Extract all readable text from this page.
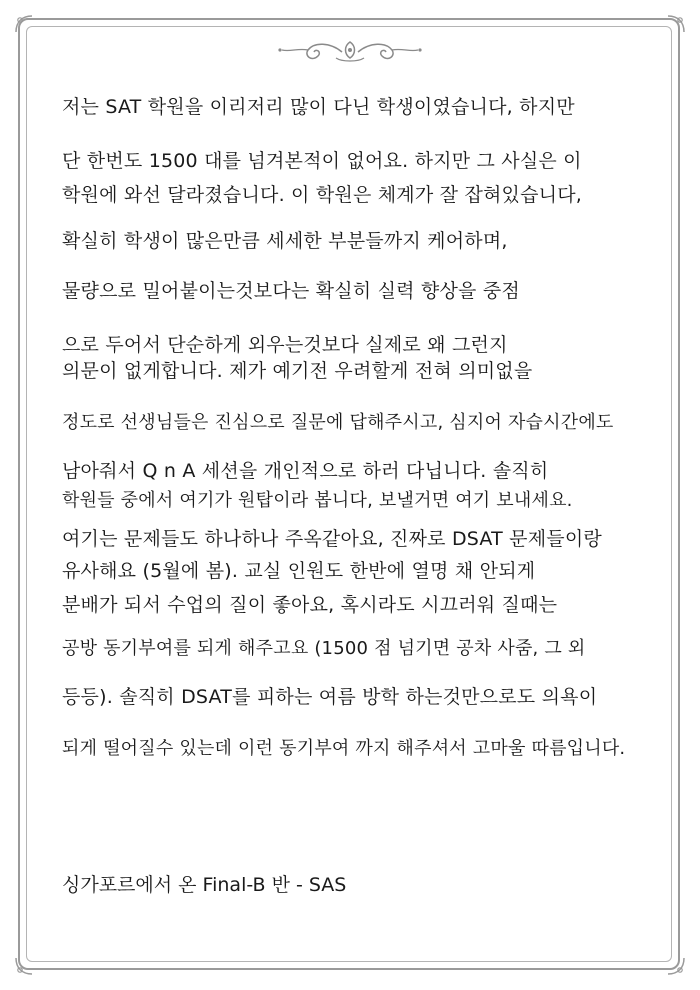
저는 SAT 학원을 이리저리 많이 다닌 학생이였습니다, 하지만
단 한번도 1500 대를 넘겨본적이 없어요. 하지만 그 사실은 이
학원에 와선 달라졌습니다. 이 학원은 체계가 잘 잡혀있습니다,
확실히 학생이 많은만큼 세세한 부분들까지 케어하며,
물량으로 밀어붙이는것보다는 확실히 실력 향상을 중점
으로 두어서 단순하게 외우는것보다 실제로 왜 그런지
의문이 없게합니다. 제가 예기전 우려할게 전혀 의미없을
정도로 선생님들은 진심으로 질문에 답해주시고, 심지어 자습시간에도
남아줘서 Q n A 세션을 개인적으로 하러 다닙니다. 솔직히
학원들 중에서 여기가 원탑이라 봅니다, 보낼거면 여기 보내세요.
여기는 문제들도 하나하나 주옥같아요, 진짜로 DSAT 문제들이랑
유사해요 (5월에 봄). 교실 인원도 한반에 열명 채 안되게
분배가 되서 수업의 질이 좋아요, 혹시라도 시끄러워 질때는
공방 동기부여를 되게 해주고요 (1500 점 넘기면 공차 사줌, 그 외
등등). 솔직히 DSAT를 피하는 여름 방학 하는것만으로도 의욕이
되게 떨어질수 있는데 이런 동기부여 까지 해주셔서 고마울 따름입니다.
싱가포르에서 온 Final-B 반 - SAS
